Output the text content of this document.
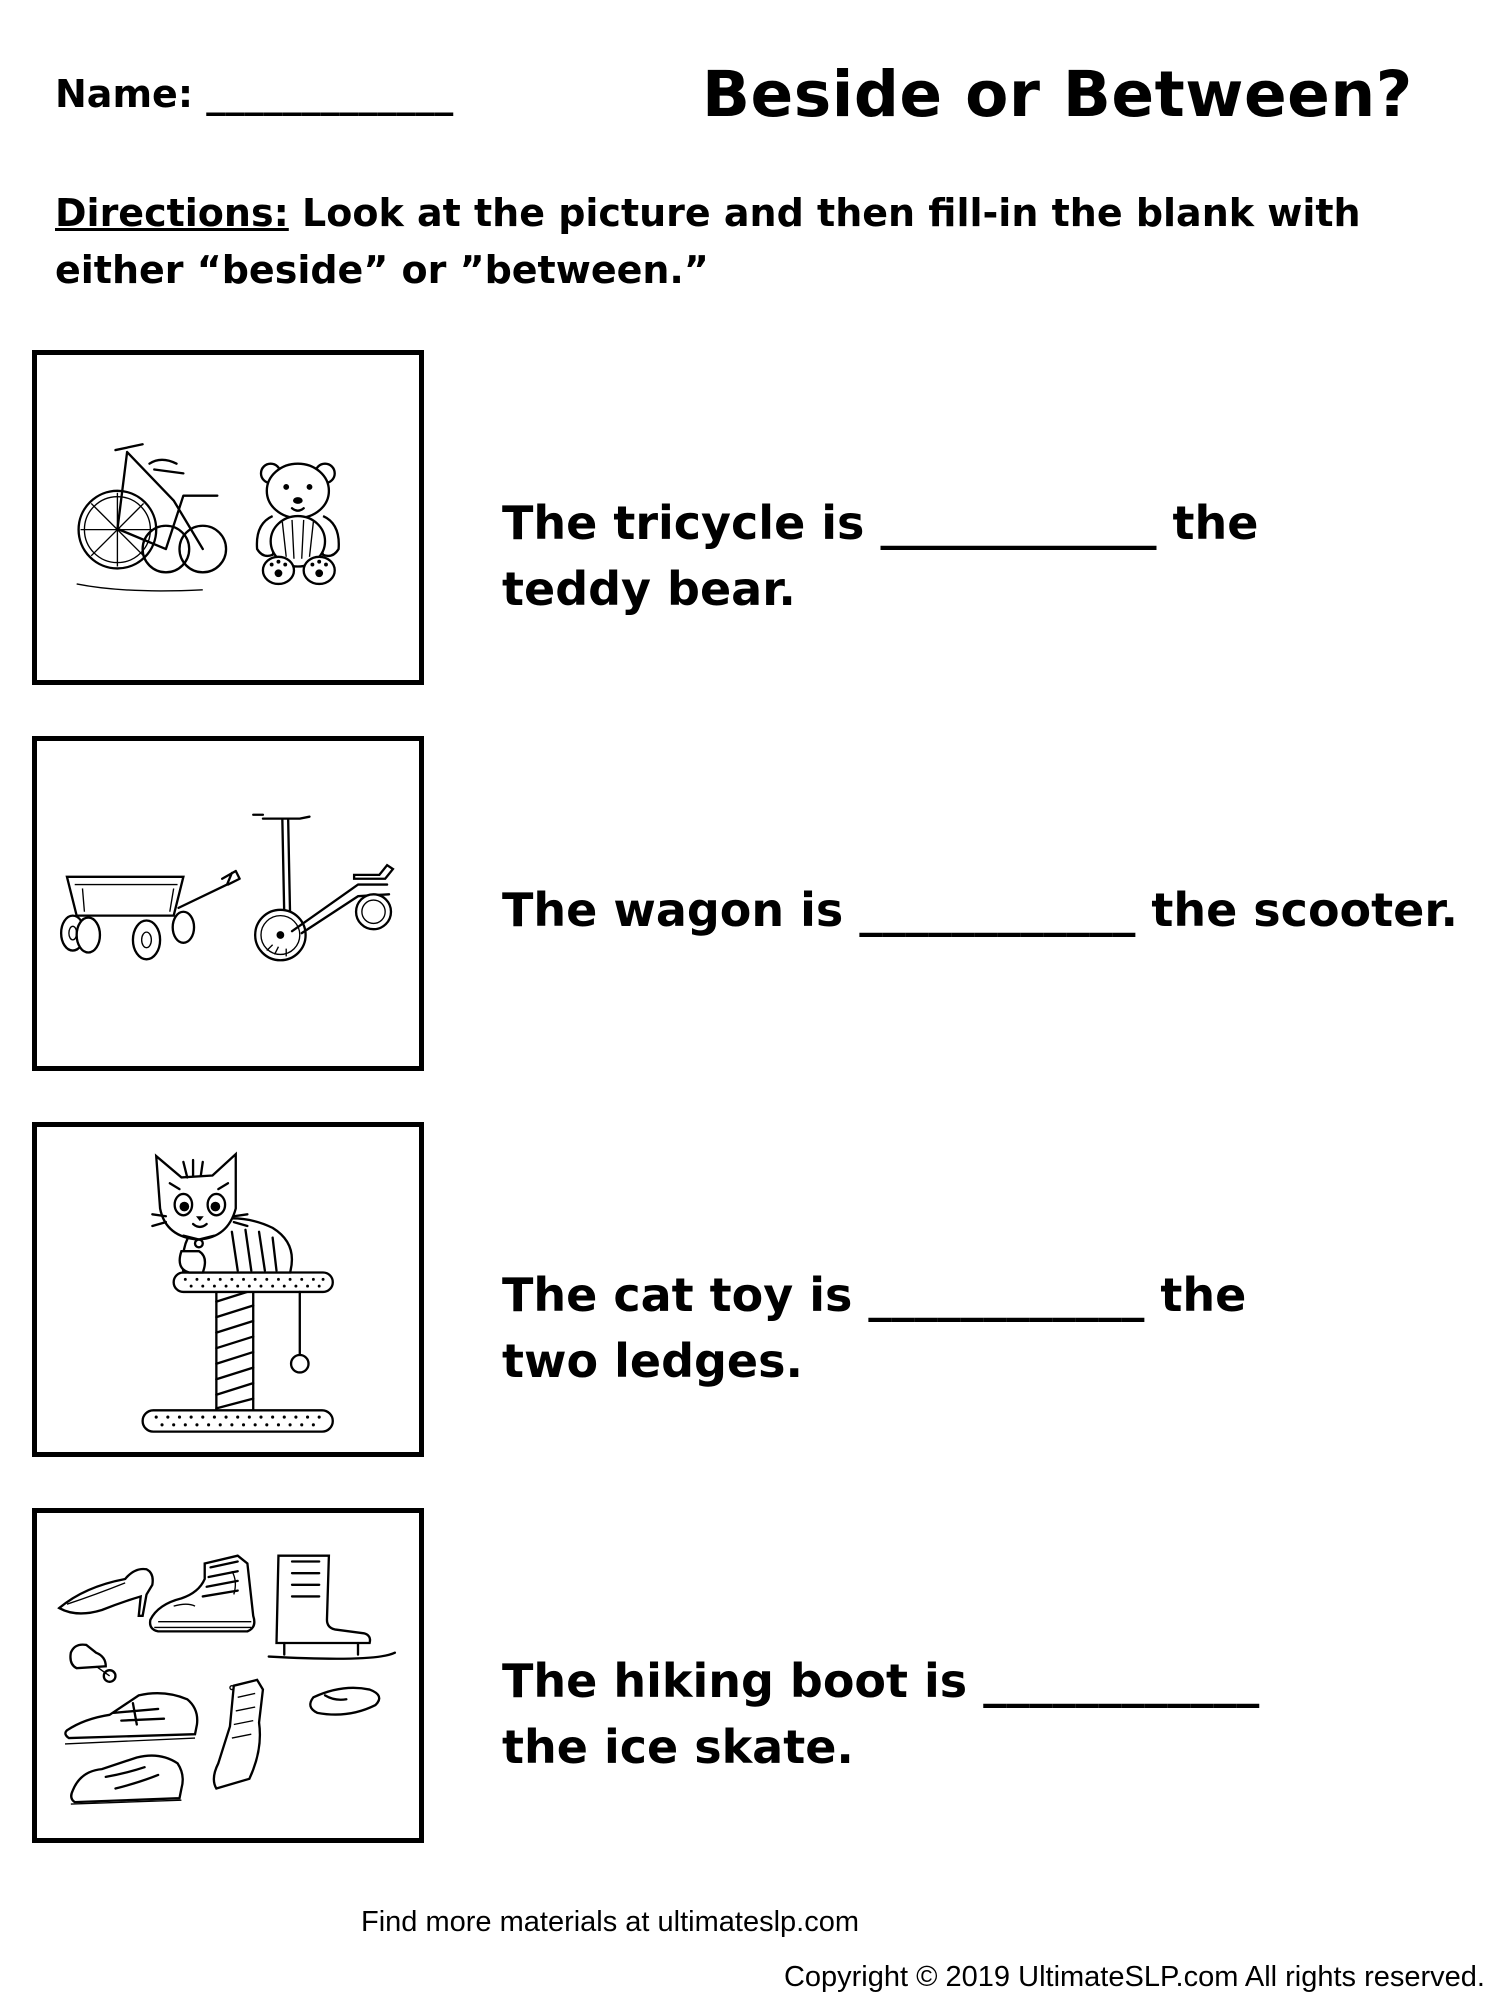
Name: _____________	Beside or Between?
Directions: Look at the picture and then fill-in the blank with either “beside” or ”between.”
The tricycle is ____________ the
teddy bear.
The wagon is ____________ the scooter.
The cat toy is ____________ the
two ledges.
The hiking boot is ____________
the ice skate.
Find more materials at ultimateslp.com
Copyright © 2019 UltimateSLP.com All rights reserved.
